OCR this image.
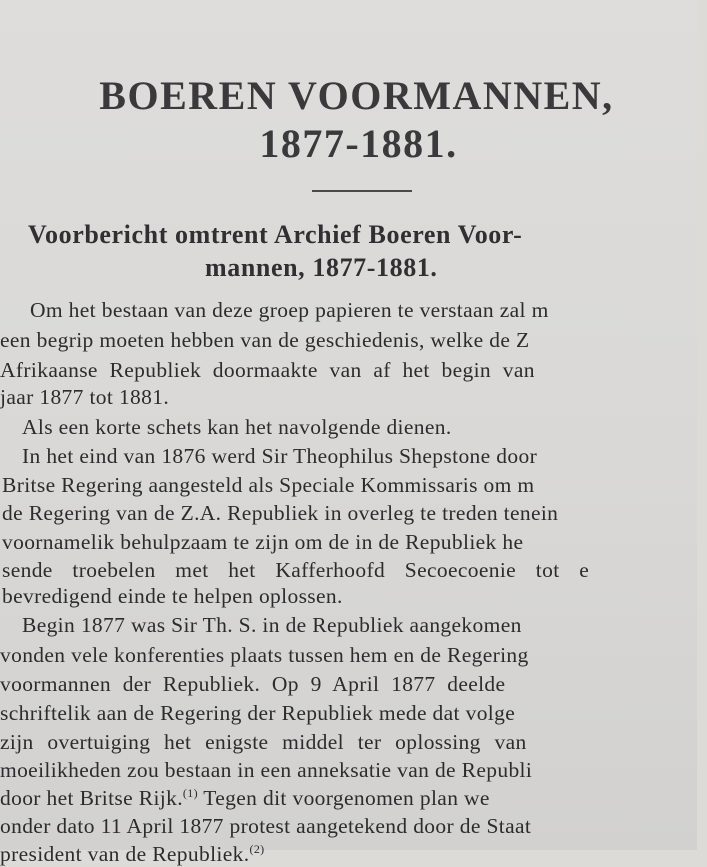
BOEREN VOORMANNEN,
1877-1881.
Voorbericht omtrent Archief Boeren Voor-
mannen, 1877-1881.
Om het bestaan van deze groep papieren te verstaan zal m
een begrip moeten hebben van de geschiedenis, welke de Z
Afrikaanse Republiek doormaakte van af het begin van
jaar 1877 tot 1881.
Als een korte schets kan het navolgende dienen.
In het eind van 1876 werd Sir Theophilus Shepstone door
Britse Regering aangesteld als Speciale Kommissaris om m
de Regering van de Z.A. Republiek in overleg te treden tenein
voornamelik behulpzaam te zijn om de in de Republiek he
sende troebelen met het Kafferhoofd Secoecoenie tot e
bevredigend einde te helpen oplossen.
Begin 1877 was Sir Th. S. in de Republiek aangekomen
vonden vele konferenties plaats tussen hem en de Regering
voormannen der Republiek. Op 9 April 1877 deelde
schriftelik aan de Regering der Republiek mede dat volge
zijn overtuiging het enigste middel ter oplossing van
moeilikheden zou bestaan in een anneksatie van de Republi
door het Britse Rijk.$^{(1)}$ Tegen dit voorgenomen plan we
onder dato 11 April 1877 protest aangetekend door de Staat
president van de Republiek.$^{(2)}$
